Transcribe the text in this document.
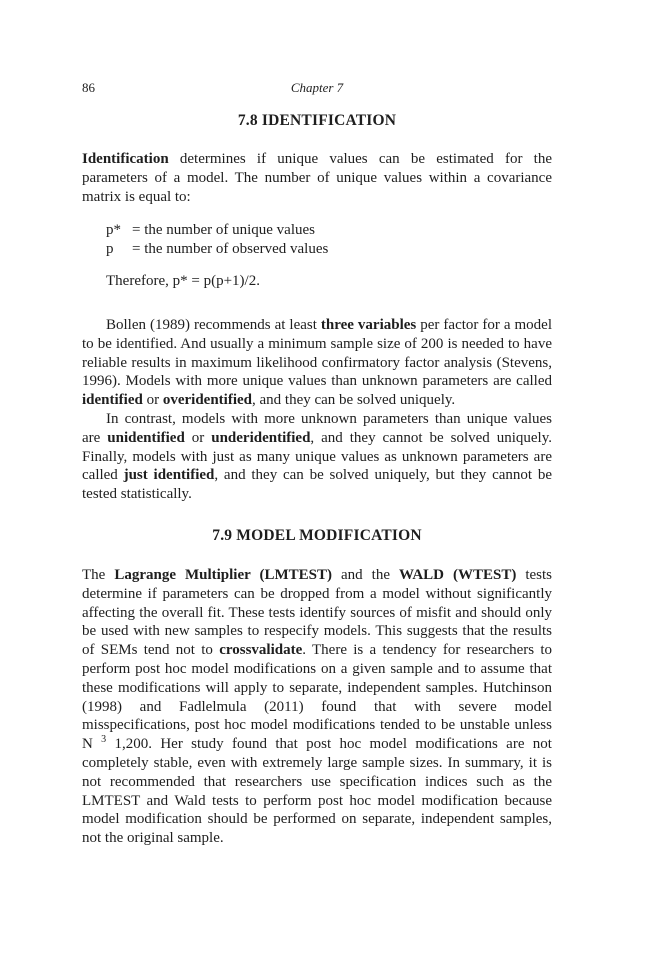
86	Chapter 7
7.8 IDENTIFICATION

Identification determines if unique values can be estimated for the parameters of a model. The number of unique values within a covariance matrix is equal to:

p* = the number of unique values
p	= the number of observed values
Therefore, p* = p(p+1)/2.

Bollen (1989) recommends at least three variables per factor for a model to be identified. And usually a minimum sample size of 200 is needed to have reliable results in maximum likelihood confirmatory factor analysis (Stevens, 1996). Models with more unique values than unknown parameters are called identified or overidentified, and they can be solved uniquely.

In contrast, models with more unknown parameters than unique values are unidentified or underidentified, and they cannot be solved uniquely. Finally, models with just as many unique values as unknown parameters are called just identified, and they can be solved uniquely, but they cannot be tested statistically.

7.9 MODEL MODIFICATION

The Lagrange Multiplier (LMTEST) and the WALD (WTEST) tests determine if parameters can be dropped from a model without significantly affecting the overall fit. These tests identify sources of misfit and should only be used with new samples to respecify models. This suggests that the results of SEMs tend not to crossvalidate. There is a tendency for researchers to perform post hoc model modifications on a given sample and to assume that these modifications will apply to separate, independent samples. Hutchinson (1998) and Fadlelmula (2011) found that with severe model misspecifications, post hoc model modifications tended to be unstable unless N $^3$ 1,200. Her study found that post hoc model modifications are not completely stable, even with extremely large sample sizes. In summary, it is not recommended that researchers use specification indices such as the LMTEST and Wald tests to perform post hoc model modification because model modification should be performed on separate, independent samples, not the original sample.
